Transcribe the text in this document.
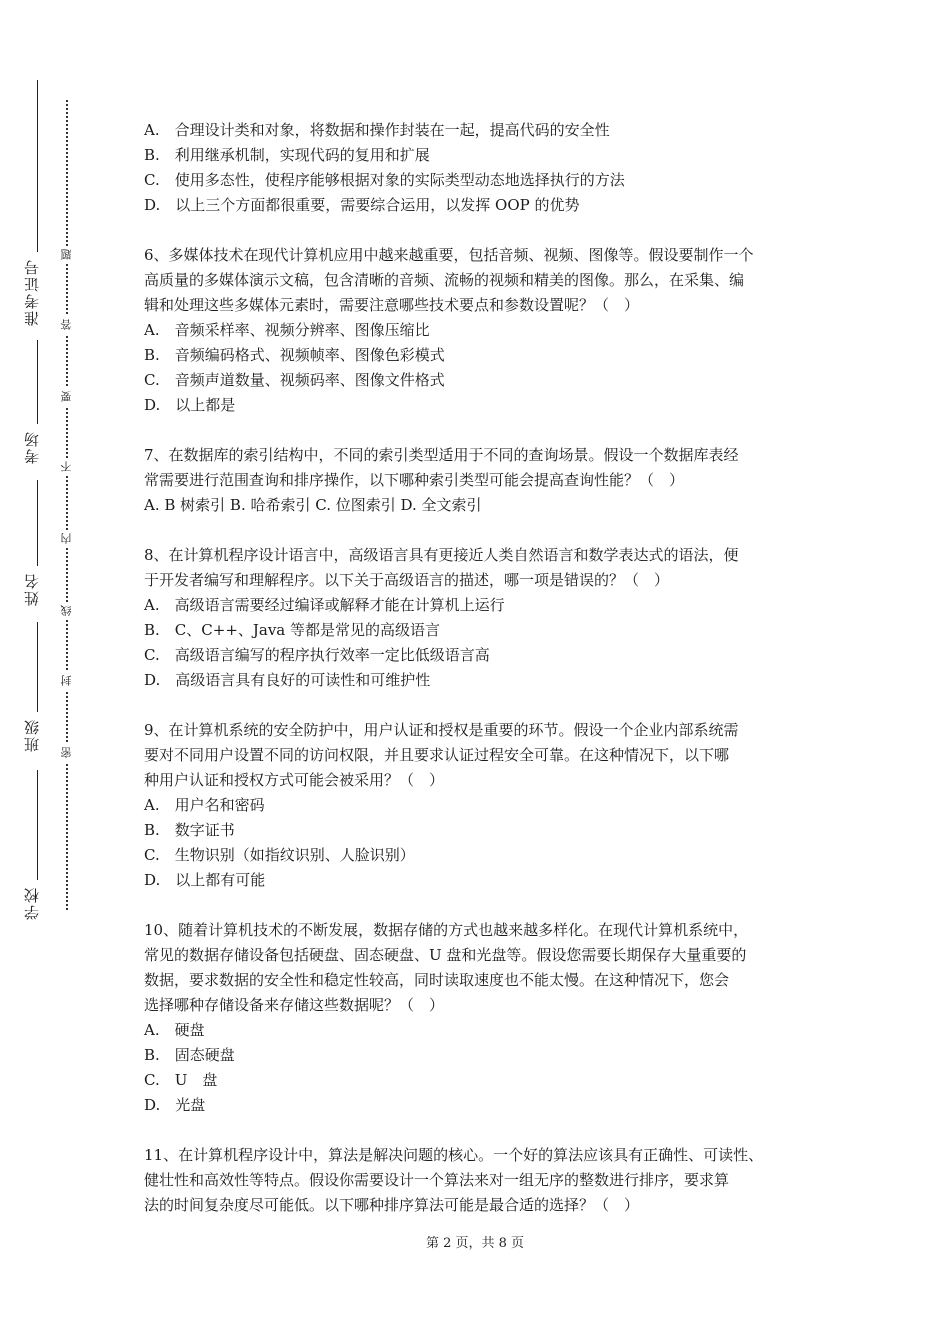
准考证号
考场
姓名
班级
学校
题
答
要
不
内
线
封
密
A.　合理设计类和对象，将数据和操作封装在一起，提高代码的安全性
B.　利用继承机制，实现代码的复用和扩展
C.　使用多态性，使程序能够根据对象的实际类型动态地选择执行的方法
D.　以上三个方面都很重要，需要综合运用，以发挥 OOP 的优势
6、多媒体技术在现代计算机应用中越来越重要，包括音频、视频、图像等。假设要制作一个
高质量的多媒体演示文稿，包含清晰的音频、流畅的视频和精美的图像。那么，在采集、编
辑和处理这些多媒体元素时，需要注意哪些技术要点和参数设置呢？（　）
A.　音频采样率、视频分辨率、图像压缩比
B.　音频编码格式、视频帧率、图像色彩模式
C.　音频声道数量、视频码率、图像文件格式
D.　以上都是
7、在数据库的索引结构中，不同的索引类型适用于不同的查询场景。假设一个数据库表经
常需要进行范围查询和排序操作，以下哪种索引类型可能会提高查询性能？（　）
A. B 树索引 B. 哈希索引 C. 位图索引 D. 全文索引
8、在计算机程序设计语言中，高级语言具有更接近人类自然语言和数学表达式的语法，便
于开发者编写和理解程序。以下关于高级语言的描述，哪一项是错误的？（　）
A.　高级语言需要经过编译或解释才能在计算机上运行
B.　C、C++、Java 等都是常见的高级语言
C.　高级语言编写的程序执行效率一定比低级语言高
D.　高级语言具有良好的可读性和可维护性
9、在计算机系统的安全防护中，用户认证和授权是重要的环节。假设一个企业内部系统需
要对不同用户设置不同的访问权限，并且要求认证过程安全可靠。在这种情况下，以下哪
种用户认证和授权方式可能会被采用？（　）
A.　用户名和密码
B.　数字证书
C.　生物识别（如指纹识别、人脸识别）
D.　以上都有可能
10、随着计算机技术的不断发展，数据存储的方式也越来越多样化。在现代计算机系统中，
常见的数据存储设备包括硬盘、固态硬盘、U 盘和光盘等。假设您需要长期保存大量重要的
数据，要求数据的安全性和稳定性较高，同时读取速度也不能太慢。在这种情况下，您会
选择哪种存储设备来存储这些数据呢？（　）
A.　硬盘
B.　固态硬盘
C.　U　盘
D.　光盘
11、在计算机程序设计中，算法是解决问题的核心。一个好的算法应该具有正确性、可读性、
健壮性和高效性等特点。假设你需要设计一个算法来对一组无序的整数进行排序，要求算
法的时间复杂度尽可能低。以下哪种排序算法可能是最合适的选择？（　）
第 2 页，共 8 页
